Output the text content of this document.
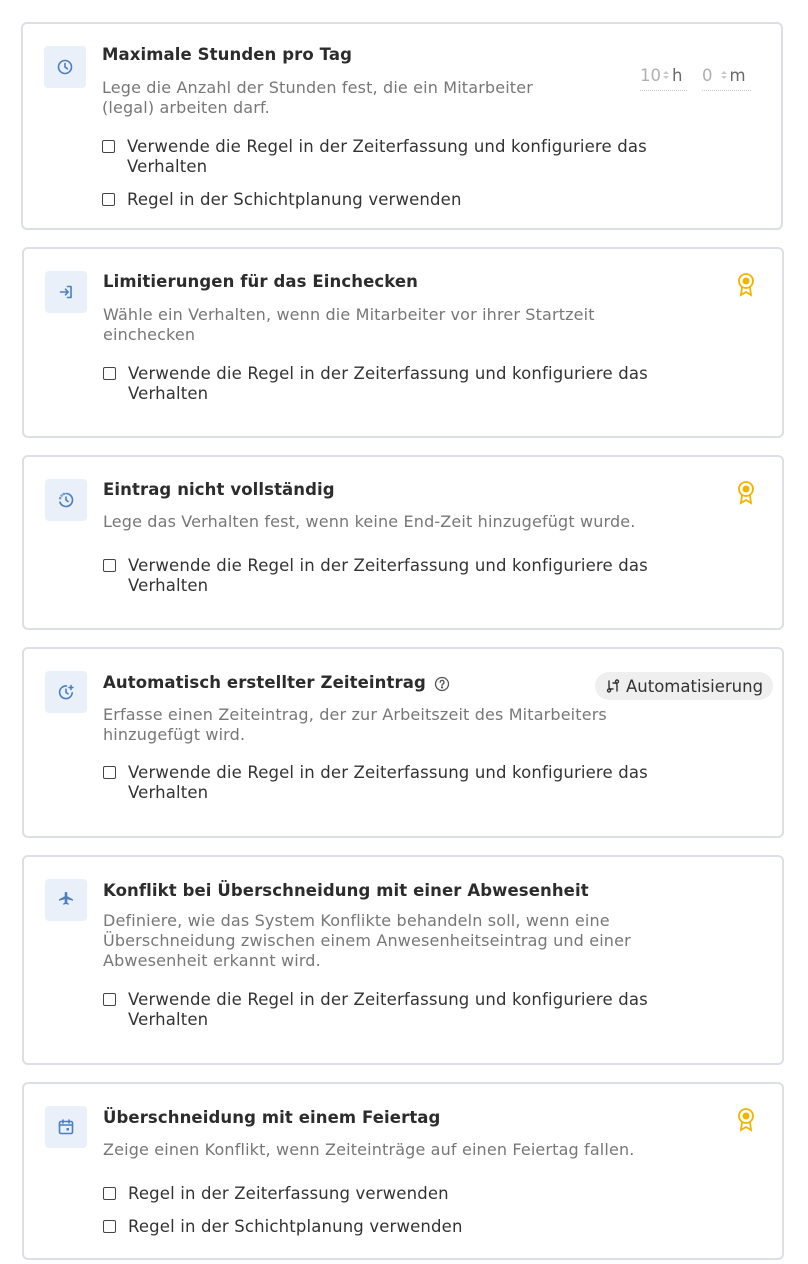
Maximale Stunden pro Tag
Lege die Anzahl der Stunden fest, die ein Mitarbeiter (legal) arbeiten darf.
10 h 0 m
Verwende die Regel in der Zeiterfassung und konfiguriere das Verhalten
Regel in der Schichtplanung verwenden
Limitierungen für das Einchecken
Wähle ein Verhalten, wenn die Mitarbeiter vor ihrer Startzeit einchecken
Verwende die Regel in der Zeiterfassung und konfiguriere das Verhalten
Eintrag nicht vollständig
Lege das Verhalten fest, wenn keine End-Zeit hinzugefügt wurde.
Verwende die Regel in der Zeiterfassung und konfiguriere das Verhalten
Automatisch erstellter Zeiteintrag	Automatisierung
Erfasse einen Zeiteintrag, der zur Arbeitszeit des Mitarbeiters hinzugefügt wird.
Verwende die Regel in der Zeiterfassung und konfiguriere das Verhalten
Konflikt bei Überschneidung mit einer Abwesenheit
Definiere, wie das System Konflikte behandeln soll, wenn eine Überschneidung zwischen einem Anwesenheitseintrag und einer Abwesenheit erkannt wird.
Verwende die Regel in der Zeiterfassung und konfiguriere das Verhalten
Überschneidung mit einem Feiertag
Zeige einen Konflikt, wenn Zeiteinträge auf einen Feiertag fallen.
Regel in der Zeiterfassung verwenden
Regel in der Schichtplanung verwenden
